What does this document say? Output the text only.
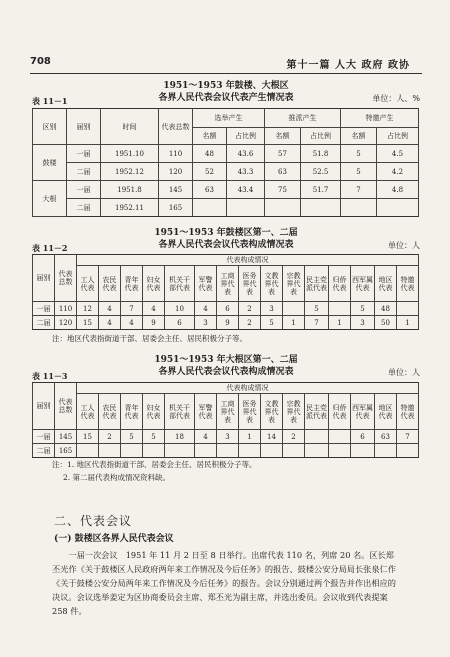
708	第十一篇 人大 政府 政协
1951～1953 年鼓楼、大根区
各界人民代表会议代表产生情况表
表 11－1	单位：人、%
区别	届别	时间	代表总数	选举产生		推派产生		特邀产生	
				名额	占比例	名额	占比例	名额	占比例
鼓楼	一届	1951.10	110	48	43.6	57	51.8	5	4.5
	二届	1952.12	120	52	43.3	63	52.5	5	4.2
大根	一届	1951.8	145	63	43.4	75	51.7	7	4.8
	二届	1952.11	165						
1951～1953 年鼓楼区第一、二届
各界人民代表会议代表构成情况表
表 11－2	单位：人
届别	代表总数	代表构成情况														
		工人代表	农民代表	青年代表	妇女代表	机关干部代表	军警代表	工商界代表	医务界代表	文教界代表	宗教界代表	民主党派代表	归侨代表	西军属代表	地区代表	特邀代表
一届	110	12	4	7	4	10	4	6	2	3		5		5	48	
二届	120	15	4	4	9	6	3	9	2	5	1	7	1	3	50	1
注：地区代表指街道干部、居委会主任、居民积极分子等。
1951～1953 年大根区第一、二届
各界人民代表会议代表构成情况表
表 11－3	单位：人
届别	代表总数	代表构成情况														
		工人代表	农民代表	青年代表	妇女代表	机关干部代表	军警代表	工商界代表	医务界代表	文教界代表	宗教界代表	民主党派代表	归侨代表	西军属代表	地区代表	特邀代表
一届	145	15	2	5	5	18	4	3	1	14	2			6	63	7
二届	165															
注：1. 地区代表指街道干部、居委会主任、居民积极分子等。
2. 第二届代表构成情况资料缺。
二、代表会议
(一) 鼓楼区各界人民代表会议
一届一次会议　1951 年 11 月 2 日至 8 日举行。出席代表 110 名，列席 20 名。区长郑丕光作《关于鼓楼区人民政府两年来工作情况及今后任务》的报告、鼓楼公安分局局长张泉仁作《关于鼓楼公安分局两年来工作情况及今后任务》的报告。会议分别通过两个报告并作出相应的决议。会议选举姜定为区协商委员会主席、郑丕光为副主席，并选出委员。会议收到代表提案 258 件。
